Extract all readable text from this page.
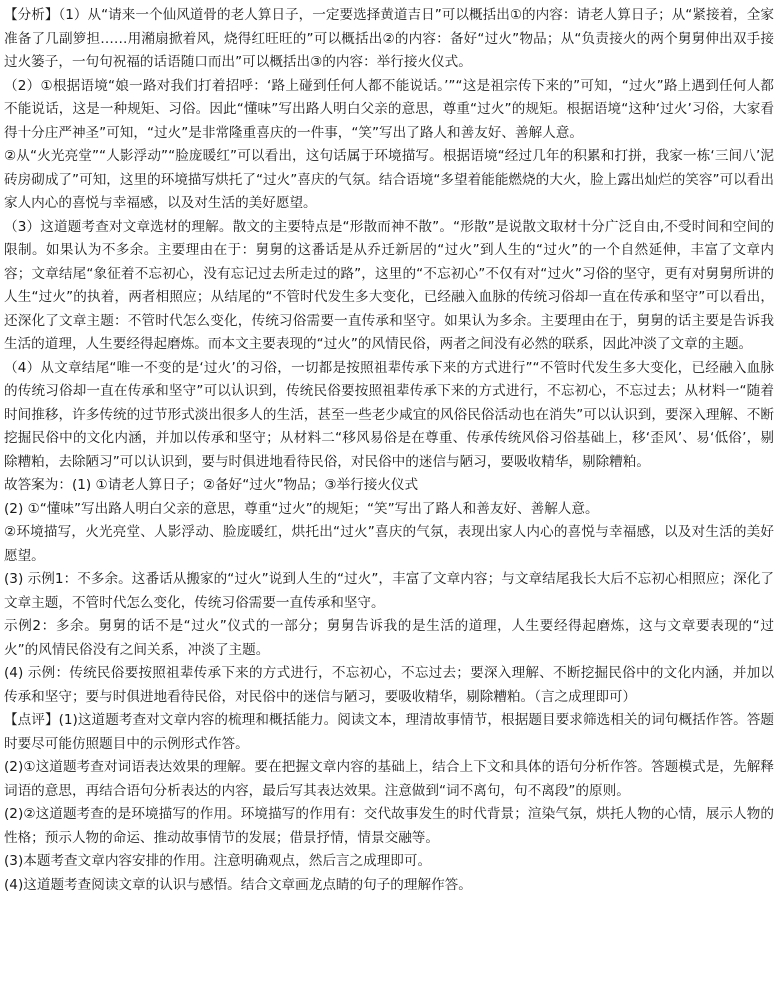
【分析】（1）从“请来一个仙风道骨的老人算日子，一定要选择黄道吉日”可以概括出①的内容：请老人算日子；从“紧接着，全家准备了几副箩担……用潲扇掀着风，烧得红旺旺的”可以概括出②的内容：备好“过火”物品；从“负责接火的两个舅舅伸出双手接过火篓子，一句句祝福的话语随口而出”可以概括出③的内容：举行接火仪式。

（2）①根据语境“娘一路对我们打着招呼：‘路上碰到任何人都不能说话。’”“这是祖宗传下来的”可知，“过火”路上遇到任何人都不能说话，这是一种规矩、习俗。因此“懂味”写出路人明白父亲的意思，尊重“过火”的规矩。根据语境“这种‘过火’习俗，大家看得十分庄严神圣”可知，“过火”是非常隆重喜庆的一件事，“笑”写出了路人和善友好、善解人意。

②从“火光亮堂”“人影浮动”“脸庞暖红”可以看出，这句话属于环境描写。根据语境“经过几年的积累和打拼，我家一栋‘三间八’泥砖房砌成了”可知，这里的环境描写烘托了“过火”喜庆的气氛。结合语境“多望着能能燃烧的大火，脸上露出灿烂的笑容”可以看出家人内心的喜悦与幸福感，以及对生活的美好愿望。

（3）这道题考查对文章选材的理解。散文的主要特点是“形散而神不散”。“形散”是说散文取材十分广泛自由,不受时间和空间的限制。如果认为不多余。主要理由在于：舅舅的这番话是从乔迁新居的“过火”到人生的“过火”的一个自然延伸，丰富了文章内容；文章结尾“象征着不忘初心，没有忘记过去所走过的路”，这里的“不忘初心”不仅有对“过火”习俗的坚守，更有对舅舅所讲的人生“过火”的执着，两者相照应；从结尾的“不管时代发生多大变化，已经融入血脉的传统习俗却一直在传承和坚守”可以看出，还深化了文章主题：不管时代怎么变化，传统习俗需要一直传承和坚守。如果认为多余。主要理由在于，舅舅的话主要是告诉我生活的道理，人生要经得起磨炼。而本文主要表现的“过火”的风情民俗，两者之间没有必然的联系，因此冲淡了文章的主题。

（4）从文章结尾“唯一不变的是‘过火’的习俗，一切都是按照祖辈传承下来的方式进行”“不管时代发生多大变化，已经融入血脉的传统习俗却一直在传承和坚守”可以认识到，传统民俗要按照祖辈传承下来的方式进行，不忘初心，不忘过去；从材料一“随着时间推移，许多传统的过节形式淡出很多人的生活，甚至一些老少咸宜的风俗民俗活动也在消失”可以认识到，要深入理解、不断挖掘民俗中的文化内涵，并加以传承和坚守；从材料二“移风易俗是在尊重、传承传统风俗习俗基础上，移‘歪风’、易‘低俗’，剔除糟粕，去除陋习”可以认识到，要与时俱进地看待民俗，对民俗中的迷信与陋习，要吸收精华，剔除糟粕。

故答案为：(1) ①请老人算日子；②备好“过火”物品；③举行接火仪式

(2) ①“懂味”写出路人明白父亲的意思，尊重“过火”的规矩；“笑”写出了路人和善友好、善解人意。

②环境描写，火光亮堂、人影浮动、脸庞暖红，烘托出“过火”喜庆的气氛，表现出家人内心的喜悦与幸福感，以及对生活的美好愿望。

(3) 示例1：不多余。这番话从搬家的“过火”说到人生的“过火”，丰富了文章内容；与文章结尾我长大后不忘初心相照应；深化了文章主题，不管时代怎么变化，传统习俗需要一直传承和坚守。

示例2：多余。舅舅的话不是“过火”仪式的一部分；舅舅告诉我的是生活的道理，人生要经得起磨炼，这与文章要表现的“过火”的风情民俗没有之间关系，冲淡了主题。

(4) 示例：传统民俗要按照祖辈传承下来的方式进行，不忘初心，不忘过去；要深入理解、不断挖掘民俗中的文化内涵，并加以传承和坚守；要与时俱进地看待民俗，对民俗中的迷信与陋习，要吸收精华，剔除糟粕。（言之成理即可）

【点评】(1)这道题考查对文章内容的梳理和概括能力。阅读文本，理清故事情节，根据题目要求筛选相关的词句概括作答。答题时要尽可能仿照题目中的示例形式作答。

(2)①这道题考查对词语表达效果的理解。要在把握文章内容的基础上，结合上下文和具体的语句分析作答。答题模式是，先解释词语的意思，再结合语句分析表达的内容，最后写其表达效果。注意做到“词不离句，句不离段”的原则。

(2)②这道题考查的是环境描写的作用。环境描写的作用有：交代故事发生的时代背景；渲染气氛，烘托人物的心情，展示人物的性格；预示人物的命运、推动故事情节的发展；借景抒情，情景交融等。

(3)本题考查文章内容安排的作用。注意明确观点，然后言之成理即可。

(4)这道题考查阅读文章的认识与感悟。结合文章画龙点睛的句子的理解作答。
